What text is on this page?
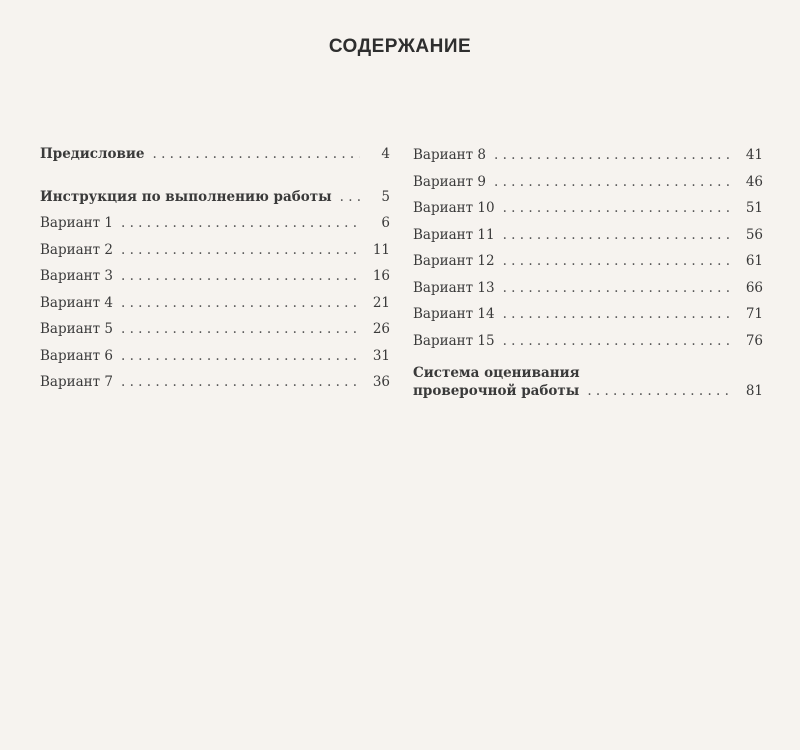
СОДЕРЖАНИЕ
Предисловие . . .	4
Инструкция по выполнению работы . . .	5
Вариант 1 . . .	6
Вариант 2 . . .	11
Вариант 3 . . .	16
Вариант 4 . . .	21
Вариант 5 . . .	26
Вариант 6 . . .	31
Вариант 7 . . .	36
Вариант 8 . . .	41
Вариант 9 . . .	46
Вариант 10 . . .	51
Вариант 11 . . .	56
Вариант 12 . . .	61
Вариант 13 . . .	66
Вариант 14 . . .	71
Вариант 15 . . .	76
Система оценивания
проверочной работы . . .	81
